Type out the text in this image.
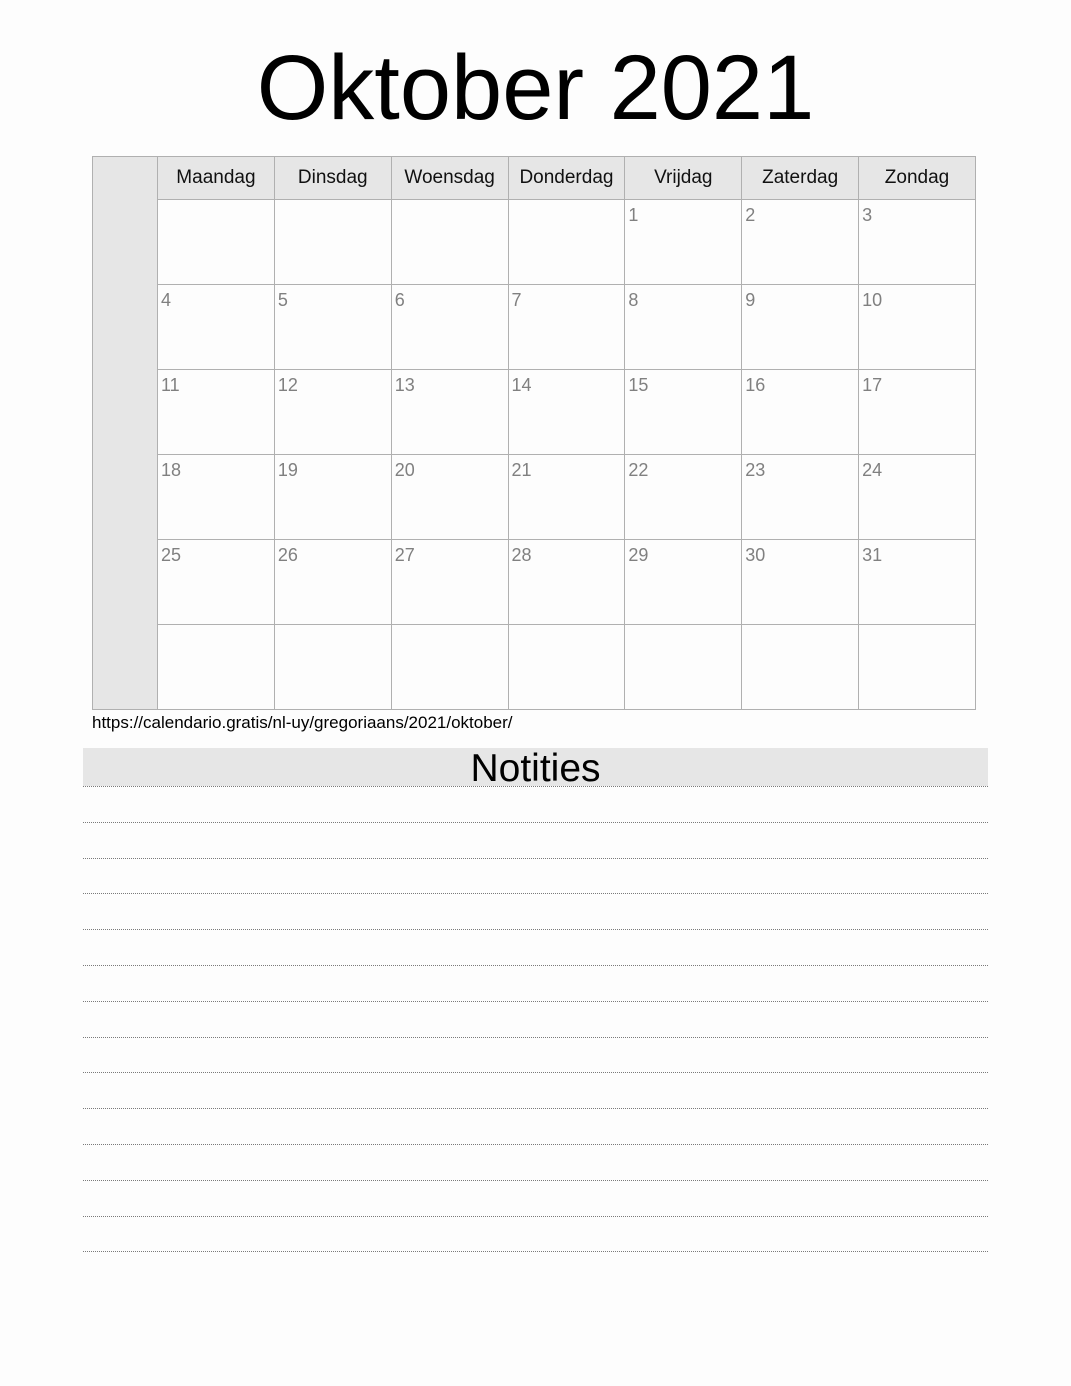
Oktober 2021
Maandag	Dinsdag	Woensdag	Donderdag	Vrijdag	Zaterdag	Zondag

				1	2	3

4	5	6	7	8	9	10

11	12	13	14	15	16	17

18	19	20	21	22	23	24

25	26	27	28	29	30	31

https://calendario.gratis/nl-uy/gregoriaans/2021/oktober/
Notities
